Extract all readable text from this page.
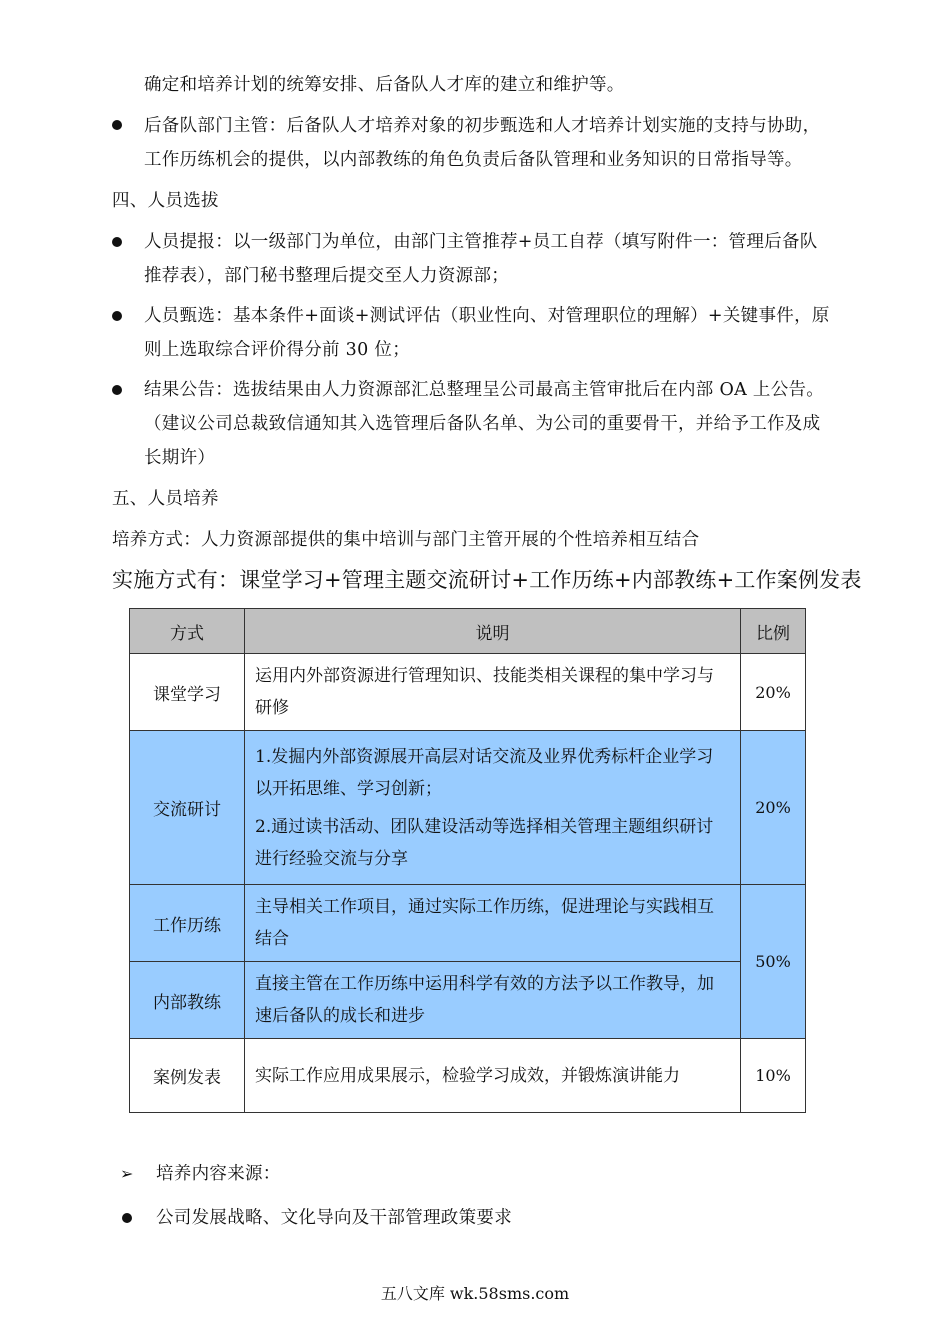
确定和培养计划的统筹安排、后备队人才库的建立和维护等。
后备队部门主管：后备队人才培养对象的初步甄选和人才培养计划实施的支持与协助，
工作历练机会的提供，以内部教练的角色负责后备队管理和业务知识的日常指导等。
四、人员选拔
人员提报：以一级部门为单位，由部门主管推荐+员工自荐（填写附件一：管理后备队
推荐表），部门秘书整理后提交至人力资源部；
人员甄选：基本条件+面谈+测试评估（职业性向、对管理职位的理解）+关键事件，原
则上选取综合评价得分前 30 位；
结果公告：选拔结果由人力资源部汇总整理呈公司最高主管审批后在内部 OA 上公告。
（建议公司总裁致信通知其入选管理后备队名单、为公司的重要骨干，并给予工作及成
长期许）
五、人员培养
培养方式：人力资源部提供的集中培训与部门主管开展的个性培养相互结合
实施方式有：课堂学习+管理主题交流研讨+工作历练+内部教练+工作案例发表
方式	说明	比例
课堂学习	运用内外部资源进行管理知识、技能类相关课程的集中学习与研修	20%
交流研讨	1.发掘内外部资源展开高层对话交流及业界优秀标杆企业学习以开拓思维、学习创新；

2.通过读书活动、团队建设活动等选择相关管理主题组织研讨进行经验交流与分享	20%
工作历练	主导相关工作项目，通过实际工作历练，促进理论与实践相互结合	50%
内部教练	直接主管在工作历练中运用科学有效的方法予以工作教导，加速后备队的成长和进步	

案例发表	实际工作应用成果展示，检验学习成效，并锻炼演讲能力	10%
➢ 培养内容来源：
公司发展战略、文化导向及干部管理政策要求
五八文库 wk.58sms.com
